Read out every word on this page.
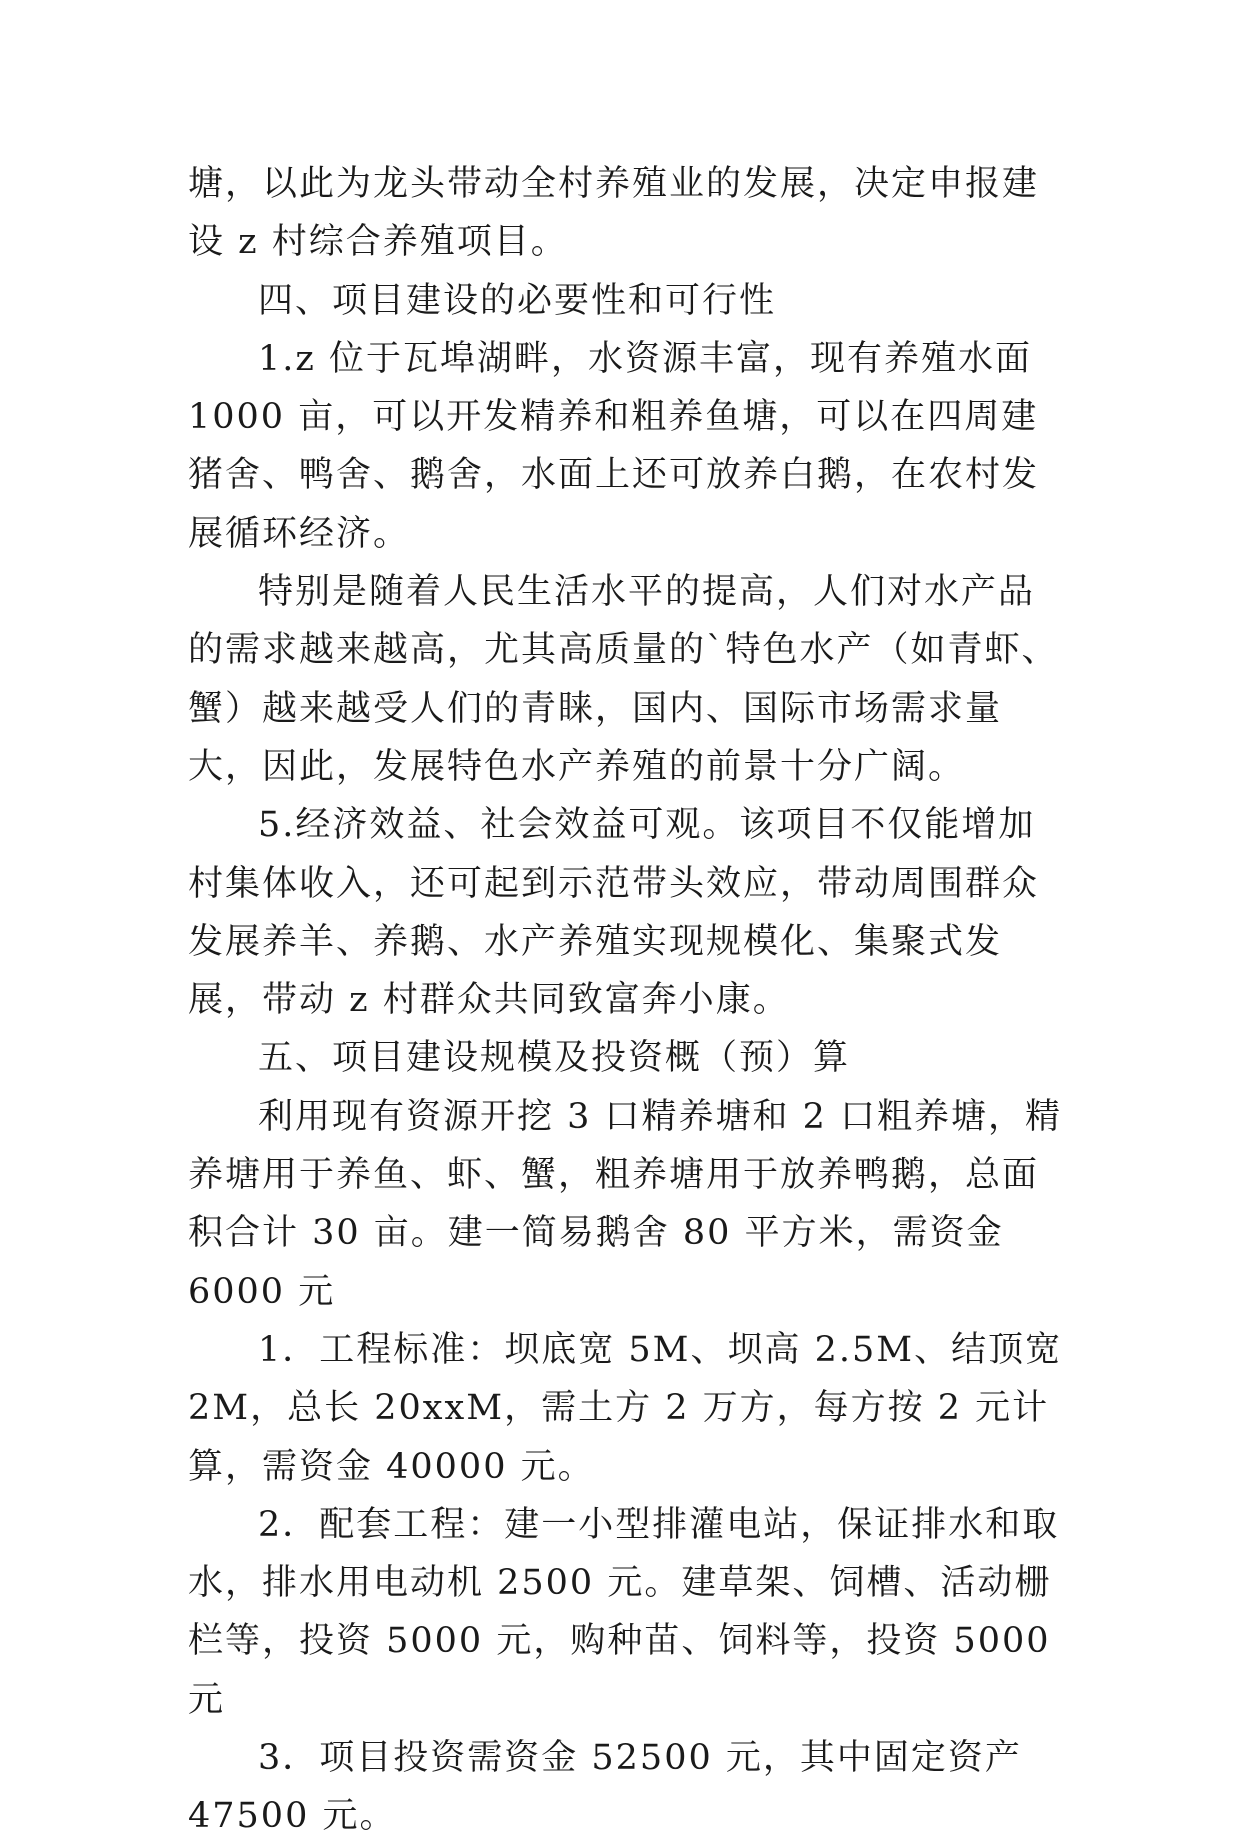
塘，以此为龙头带动全村养殖业的发展，决定申报建设 z 村综合养殖项目。

四、项目建设的必要性和可行性

1.z 位于瓦埠湖畔，水资源丰富，现有养殖水面 1000 亩，可以开发精养和粗养鱼塘，可以在四周建猪舍、鸭舍、鹅舍，水面上还可放养白鹅，在农村发展循环经济。

特别是随着人民生活水平的提高，人们对水产品的需求越来越高，尤其高质量的`特色水产（如青虾、蟹）越来越受人们的青睐，国内、国际市场需求量大，因此，发展特色水产养殖的前景十分广阔。

5.经济效益、社会效益可观。该项目不仅能增加村集体收入，还可起到示范带头效应，带动周围群众发展养羊、养鹅、水产养殖实现规模化、集聚式发展，带动 z 村群众共同致富奔小康。

五、项目建设规模及投资概（预）算

利用现有资源开挖 3 口精养塘和 2 口粗养塘，精养塘用于养鱼、虾、蟹，粗养塘用于放养鸭鹅，总面积合计 30 亩。建一简易鹅舍 80 平方米，需资金 6000 元

1．工程标准：坝底宽 5M、坝高 2.5M、结顶宽 2M，总长 20xxM，需土方 2 万方，每方按 2 元计算，需资金 40000 元。

2．配套工程：建一小型排灌电站，保证排水和取水，排水用电动机 2500 元。建草架、饲槽、活动栅栏等，投资 5000 元，购种苗、饲料等，投资 5000 元

3．项目投资需资金 52500 元，其中固定资产 47500 元。
